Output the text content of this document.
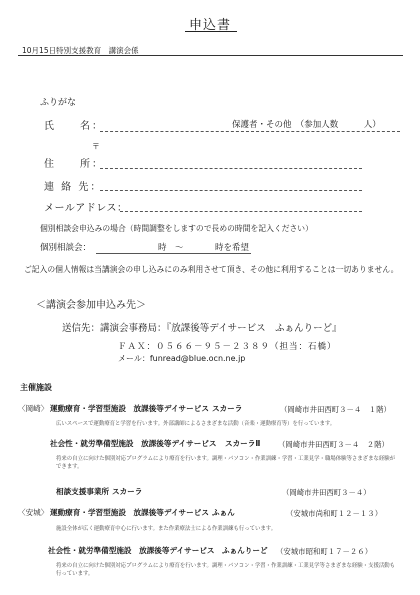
申込書
10月15日特別支援教育　講演会係
ふりがな
氏　　名：	保護者・その他　（参加人数　　　人）
〒
住　　所：
連 絡 先：
メールアドレス：
個別相談会申込みの場合（時間調整をしますので長めの時間を記入ください）
個別相談会：	時　〜	時を希望
ご記入の個人情報は当講演会の申し込みにのみ利用させて頂き、その他に利用することは一切ありません。
＜講演会参加申込み先＞
送信先：講演会事務局：『放課後等デイサービス　ふぁんりーど』
ＦＡＸ：０５６６－９５－２３８９（担当：石橋）
メール：funread@blue.ocn.ne.jp
主催施設
〈岡崎〉 運動療育・学習型施設　放課後等デイサービス スカーラ	（岡崎市井田西町３－４　１階）
広いスペースで運動療育と学習を行います。外部講師によるさまざまな活動（音楽・運動療育等）を行っています。
社会性・就労準備型施設　放課後等デイサービス スカーラⅡ （岡崎市井田西町３－４　２階）
将来の自立に向けた個別対応プログラムにより療育を行います。調理・パソコン・作業訓練・学習・工業見学・職場体験等さまざまな経験ができます。
相談支援事業所 スカーラ	（岡崎市井田西町３－４）
〈安城〉 運動療育・学習型施設　放課後等デイサービス ふぁん	（安城市尚和町１２－１３）
施設全体が広く運動療育中心に行います。また作業療法士による作業訓練も行っています。
社会性・就労準備型施設　放課後等デイサービス ふぁんりーど （安城市昭和町１７－２６）
将来の自立に向けた個別対応プログラムにより療育を行います。調理・パソコン・学習・作業訓練・工業見学等さまざまな経験・支援活動も行っています。
